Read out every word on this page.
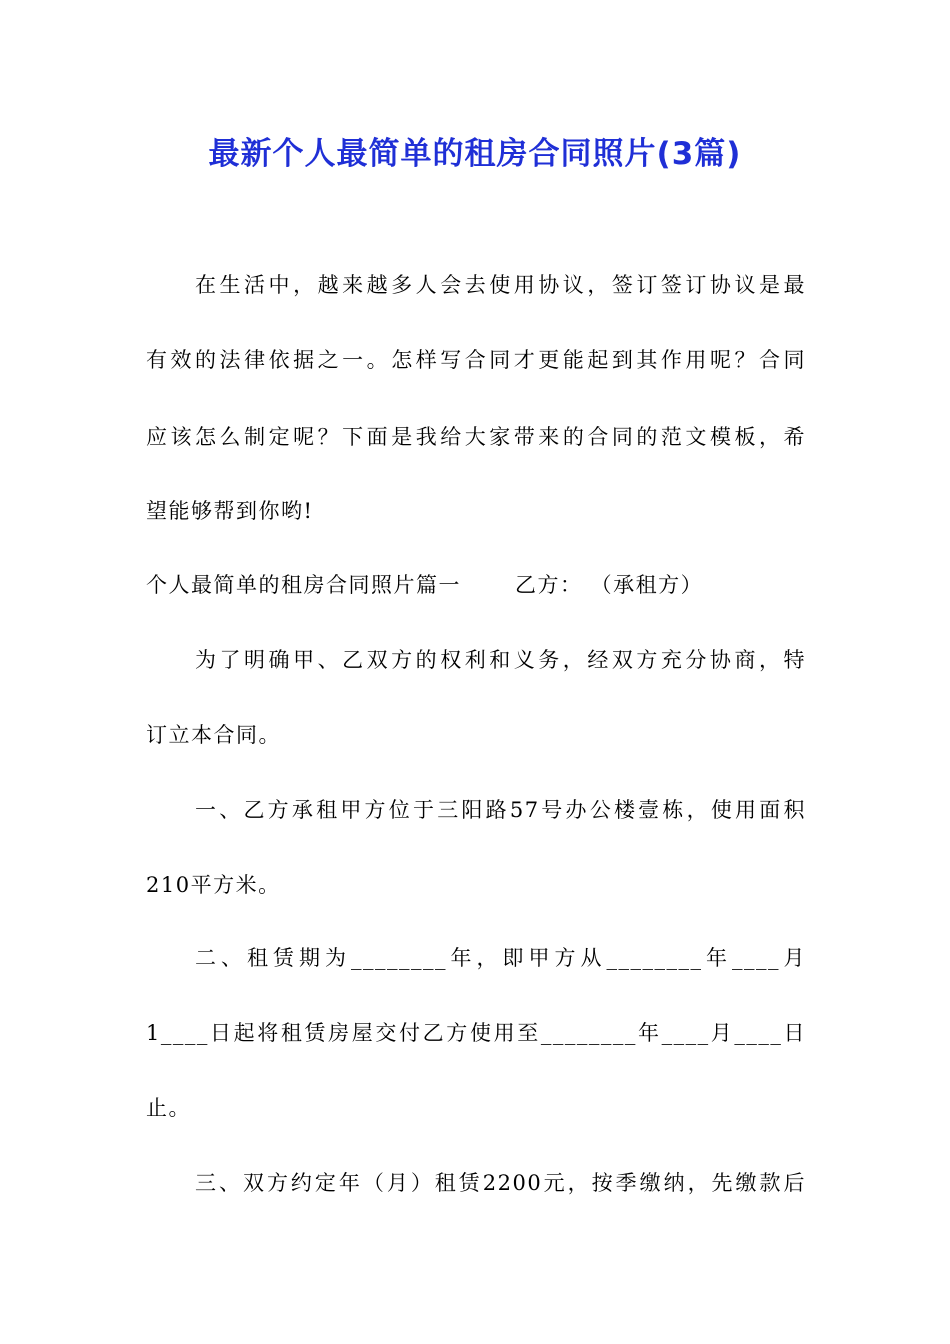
最新个人最简单的租房合同照片(3篇)
在生活中，越来越多人会去使用协议，签订签订协议是最
有效的法律依据之一。怎样写合同才更能起到其作用呢？合同
应该怎么制定呢？下面是我给大家带来的合同的范文模板，希
望能够帮到你哟!
个人最简单的租房合同照片篇一	乙方： （承租方）
为了明确甲、乙双方的权利和义务，经双方充分协商，特
订立本合同。
一、乙方承租甲方位于三阳路57号办公楼壹栋，使用面积
210平方米。
二、租赁期为________年，即甲方从________年____月
1____日起将租赁房屋交付乙方使用至________年____月____日
止。
三、双方约定年（月）租赁2200元，按季缴纳，先缴款后
